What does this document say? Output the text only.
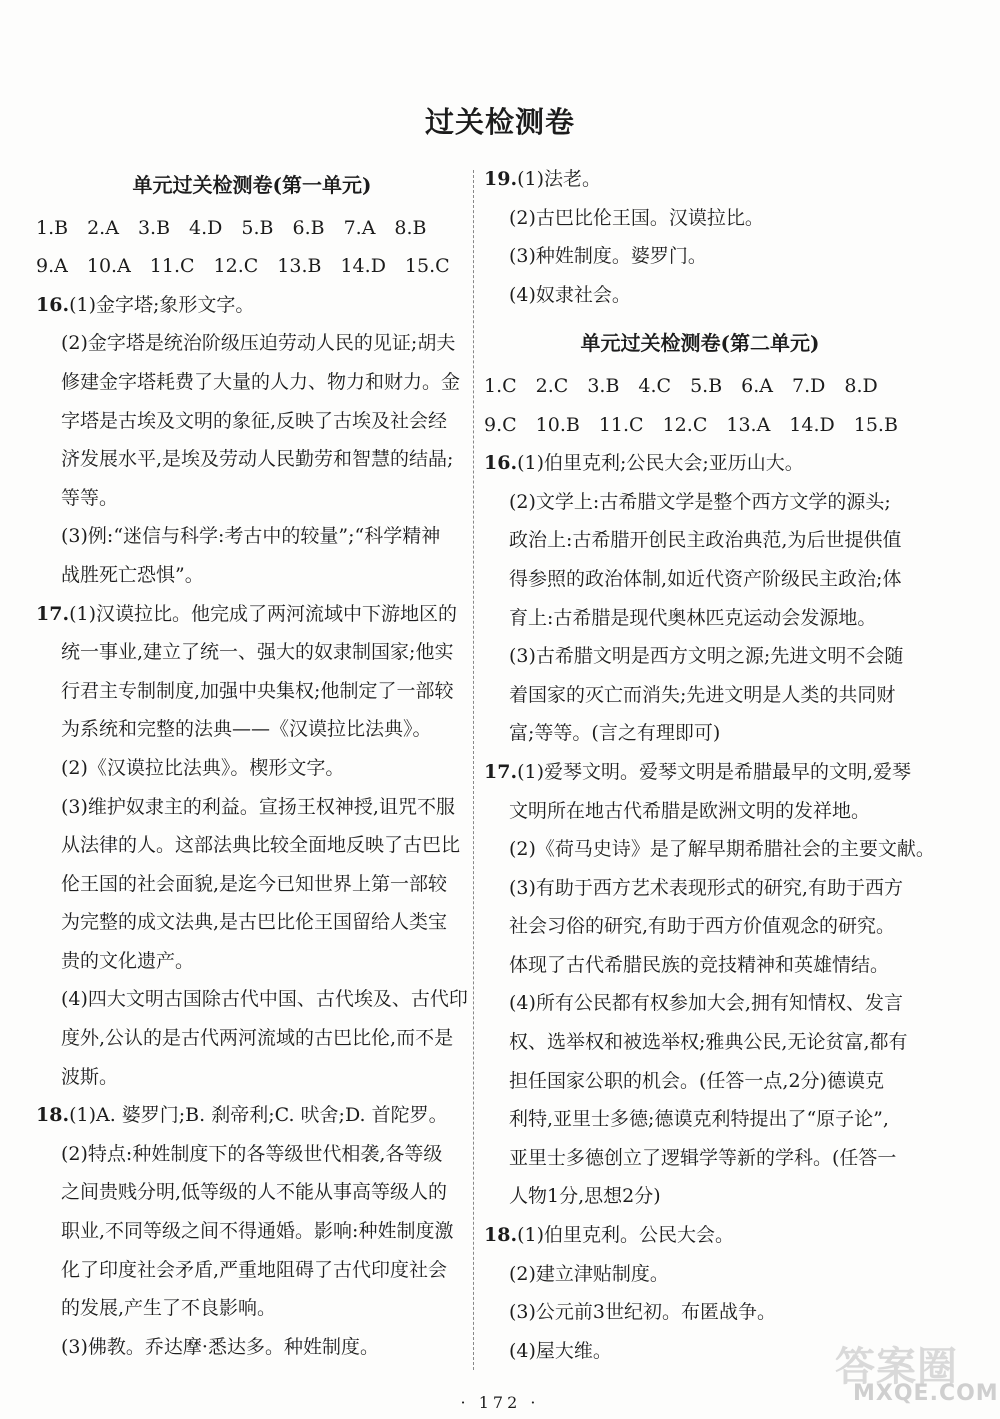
过关检测卷
单元过关检测卷(第一单元)
1.B　2.A　3.B　4.D　5.B　6.B　7.A　8.B
9.A　10.A　11.C　12.C　13.B　14.D　15.C
16.(1)金字塔;象形文字。
(2)金字塔是统治阶级压迫劳动人民的见证;胡夫
修建金字塔耗费了大量的人力、物力和财力。金
字塔是古埃及文明的象征,反映了古埃及社会经
济发展水平,是埃及劳动人民勤劳和智慧的结晶;
等等。
(3)例:“迷信与科学:考古中的较量”;“科学精神
战胜死亡恐惧”。
17.(1)汉谟拉比。他完成了两河流域中下游地区的
统一事业,建立了统一、强大的奴隶制国家;他实
行君主专制制度,加强中央集权;他制定了一部较
为系统和完整的法典——《汉谟拉比法典》。
(2)《汉谟拉比法典》。楔形文字。
(3)维护奴隶主的利益。宣扬王权神授,诅咒不服
从法律的人。这部法典比较全面地反映了古巴比
伦王国的社会面貌,是迄今已知世界上第一部较
为完整的成文法典,是古巴比伦王国留给人类宝
贵的文化遗产。
(4)四大文明古国除古代中国、古代埃及、古代印
度外,公认的是古代两河流域的古巴比伦,而不是
波斯。
18.(1)A. 婆罗门;B. 刹帝利;C. 吠舍;D. 首陀罗。
(2)特点:种姓制度下的各等级世代相袭,各等级
之间贵贱分明,低等级的人不能从事高等级人的
职业,不同等级之间不得通婚。影响:种姓制度激
化了印度社会矛盾,严重地阻碍了古代印度社会
的发展,产生了不良影响。
(3)佛教。乔达摩·悉达多。种姓制度。
19.(1)法老。
(2)古巴比伦王国。汉谟拉比。
(3)种姓制度。婆罗门。
(4)奴隶社会。
单元过关检测卷(第二单元)
1.C　2.C　3.B　4.C　5.B　6.A　7.D　8.D
9.C　10.B　11.C　12.C　13.A　14.D　15.B
16.(1)伯里克利;公民大会;亚历山大。
(2)文学上:古希腊文学是整个西方文学的源头;
政治上:古希腊开创民主政治典范,为后世提供值
得参照的政治体制,如近代资产阶级民主政治;体
育上:古希腊是现代奥林匹克运动会发源地。
(3)古希腊文明是西方文明之源;先进文明不会随
着国家的灭亡而消失;先进文明是人类的共同财
富;等等。(言之有理即可)
17.(1)爱琴文明。爱琴文明是希腊最早的文明,爱琴
文明所在地古代希腊是欧洲文明的发祥地。
(2)《荷马史诗》是了解早期希腊社会的主要文献。
(3)有助于西方艺术表现形式的研究,有助于西方
社会习俗的研究,有助于西方价值观念的研究。
体现了古代希腊民族的竞技精神和英雄情结。
(4)所有公民都有权参加大会,拥有知情权、发言
权、选举权和被选举权;雅典公民,无论贫富,都有
担任国家公职的机会。(任答一点,2分)德谟克
利特,亚里士多德;德谟克利特提出了“原子论”,
亚里士多德创立了逻辑学等新的学科。(任答一
人物1分,思想2分)
18.(1)伯里克利。公民大会。
(2)建立津贴制度。
(3)公元前3世纪初。布匿战争。
(4)屋大维。
· 172 ·
答案圈
MXQE.COM
